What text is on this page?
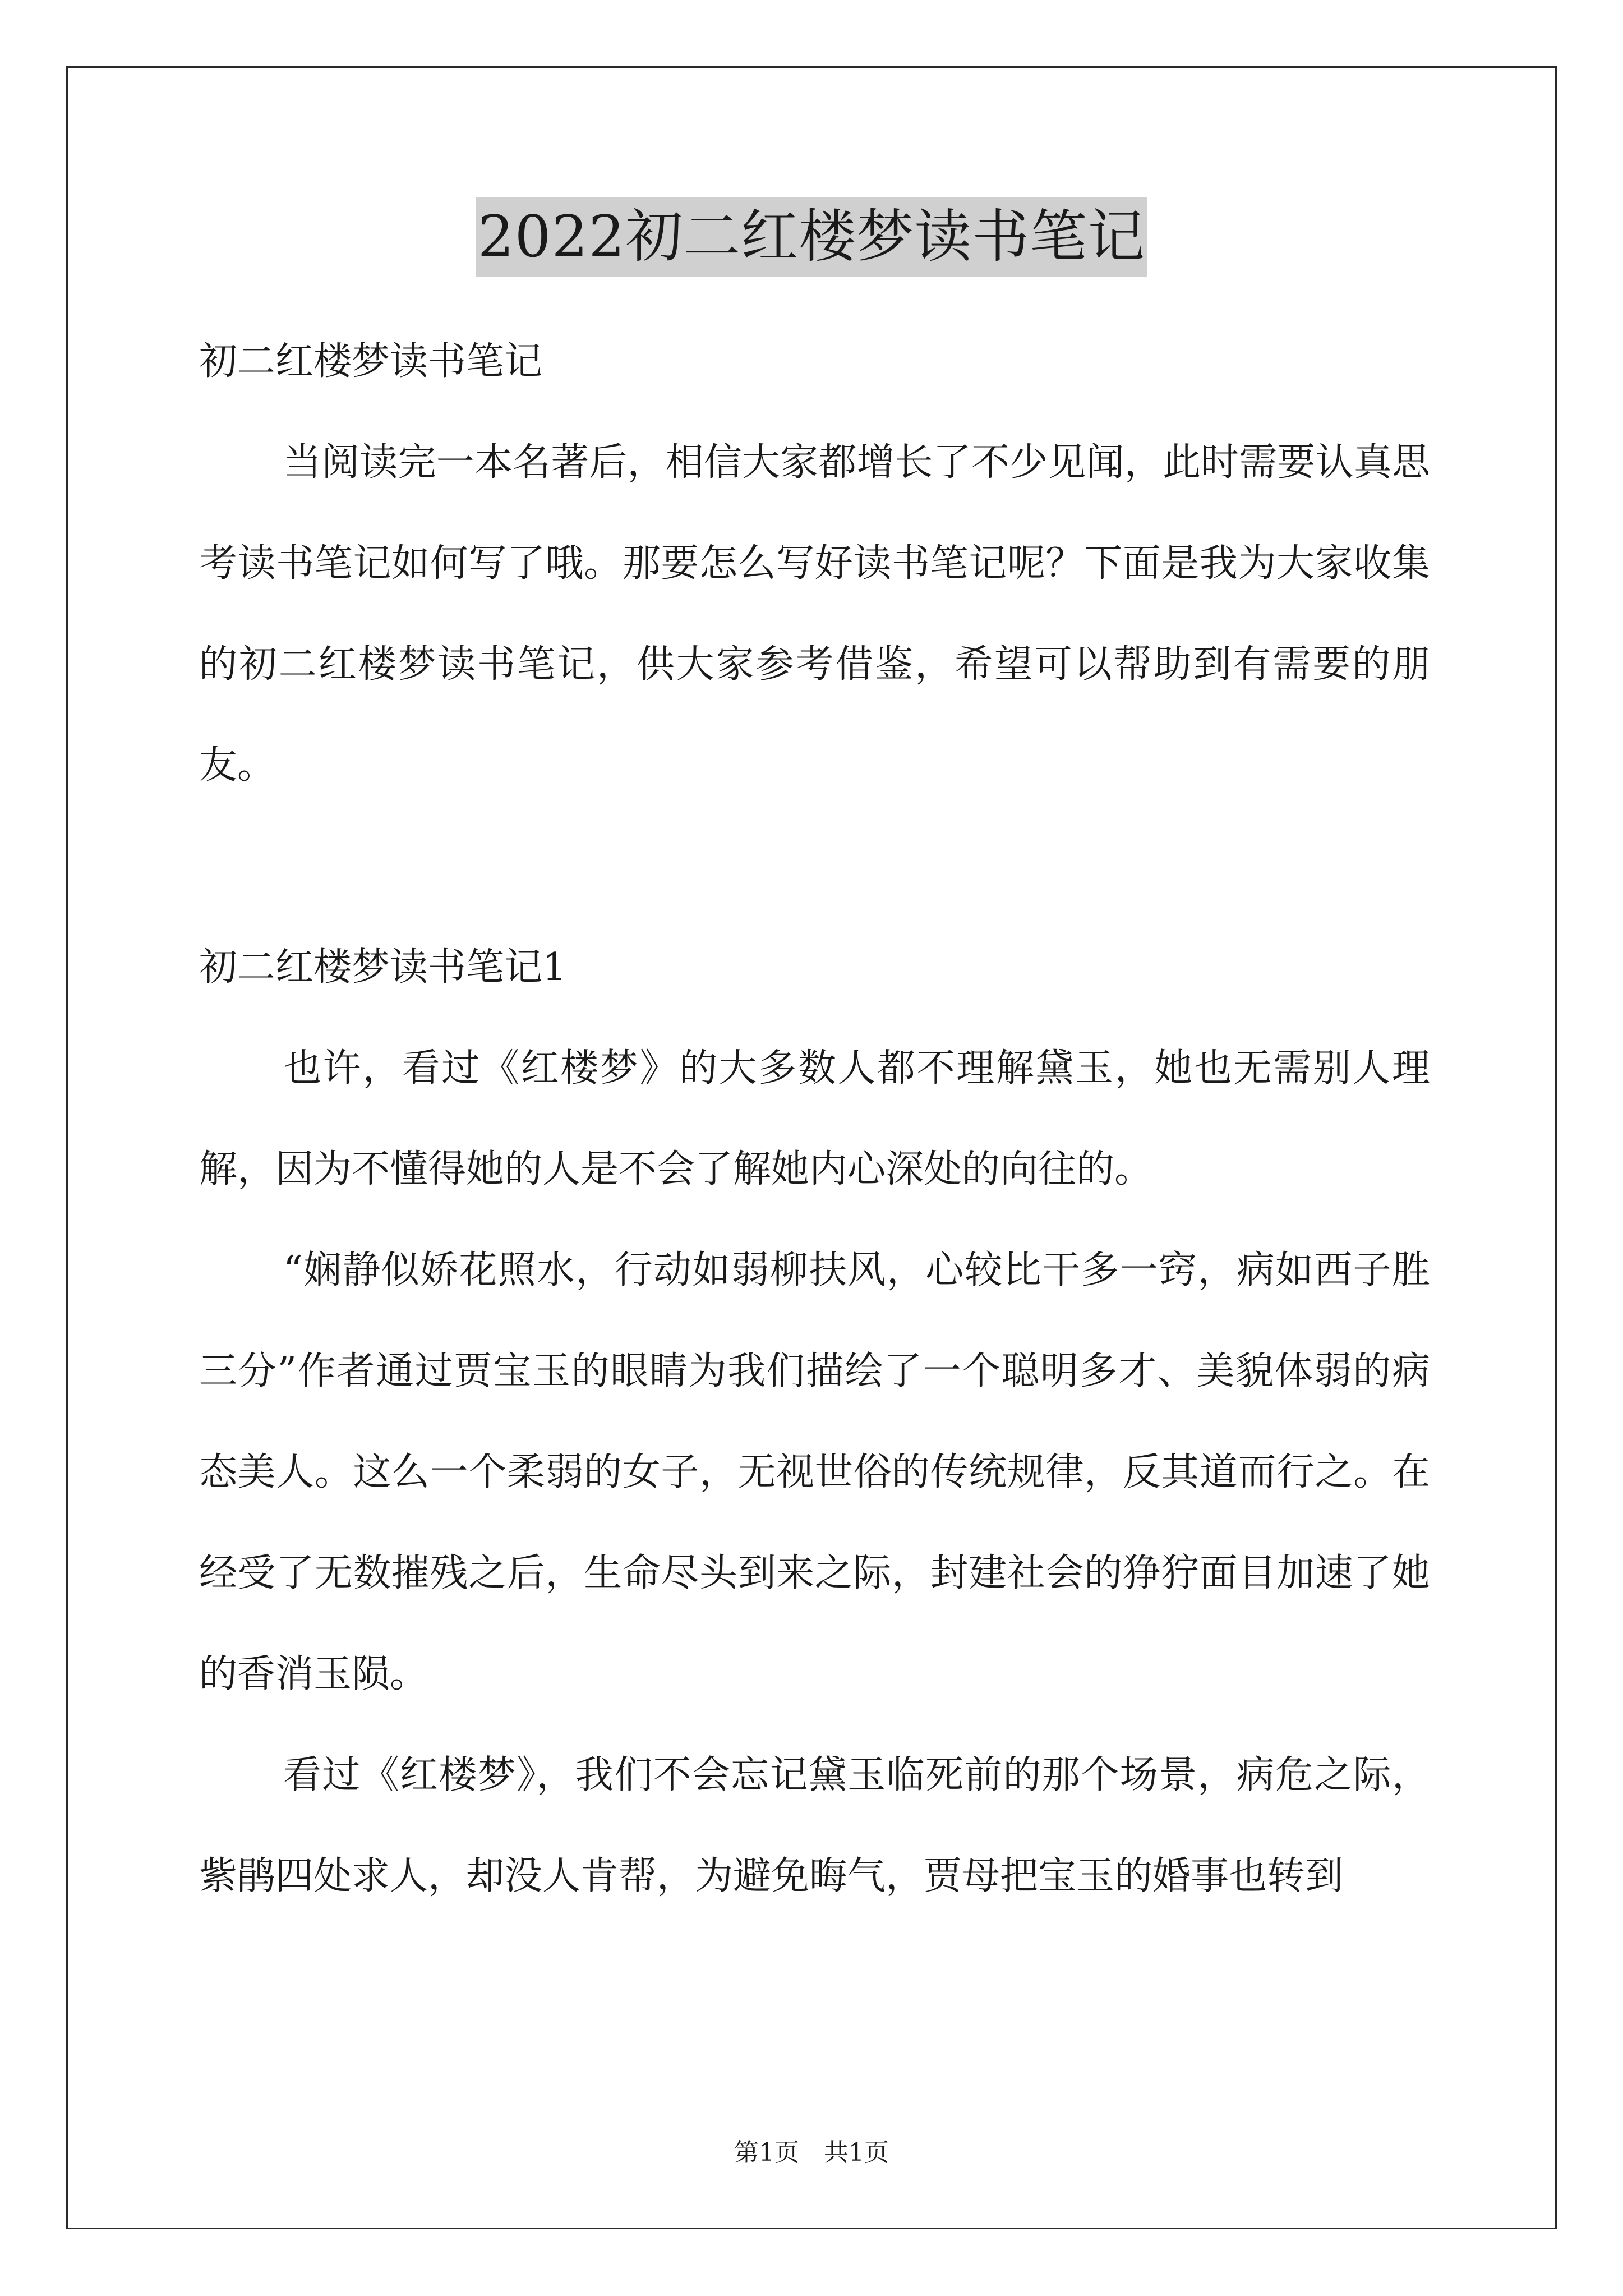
2022初二红楼梦读书笔记
初二红楼梦读书笔记

当阅读完一本名著后，相信大家都增长了不少见闻，此时需要认真思考读书笔记如何写了哦。那要怎么写好读书笔记呢？下面是我为大家收集的初二红楼梦读书笔记，供大家参考借鉴，希望可以帮助到有需要的朋友。

初二红楼梦读书笔记1

也许，看过《红楼梦》的大多数人都不理解黛玉，她也无需别人理解，因为不懂得她的人是不会了解她内心深处的向往的。

“娴静似娇花照水，行动如弱柳扶风，心较比干多一窍，病如西子胜三分”作者通过贾宝玉的眼睛为我们描绘了一个聪明多才、美貌体弱的病态美人。这么一个柔弱的女子，无视世俗的传统规律，反其道而行之。在经受了无数摧残之后，生命尽头到来之际，封建社会的狰狞面目加速了她的香消玉陨。

看过《红楼梦》，我们不会忘记黛玉临死前的那个场景，病危之际，紫鹃四处求人，却没人肯帮，为避免晦气，贾母把宝玉的婚事也转到

第1页　共1页
